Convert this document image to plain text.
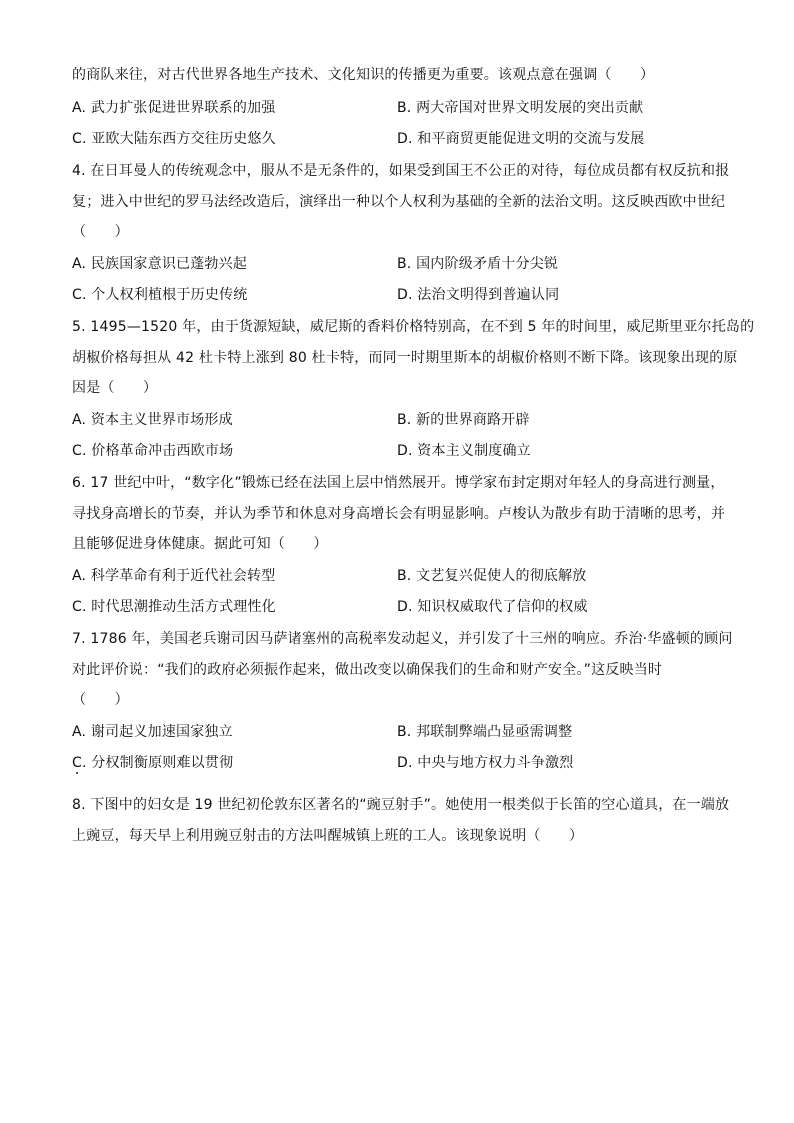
的商队来往，对古代世界各地生产技术、文化知识的传播更为重要。该观点意在强调（　　）
A. 武力扩张促进世界联系的加强	B. 两大帝国对世界文明发展的突出贡献
C. 亚欧大陆东西方交往历史悠久	D. 和平商贸更能促进文明的交流与发展
4. 在日耳曼人的传统观念中，服从不是无条件的，如果受到国王不公正的对待，每位成员都有权反抗和报
复；进入中世纪的罗马法经改造后，演绎出一种以个人权利为基础的全新的法治文明。这反映西欧中世纪
（　　）
A. 民族国家意识已蓬勃兴起	B. 国内阶级矛盾十分尖锐
C. 个人权利植根于历史传统	D. 法治文明得到普遍认同
5. 1495—1520 年，由于货源短缺，威尼斯的香料价格特别高，在不到 5 年的时间里，威尼斯里亚尔托岛的
胡椒价格每担从 42 杜卡特上涨到 80 杜卡特，而同一时期里斯本的胡椒价格则不断下降。该现象出现的原
因是（　　）
A. 资本主义世界市场形成	B. 新的世界商路开辟
C. 价格革命冲击西欧市场	D. 资本主义制度确立
6. 17 世纪中叶，“数字化”锻炼已经在法国上层中悄然展开。博学家布封定期对年轻人的身高进行测量，
寻找身高增长的节奏，并认为季节和休息对身高增长会有明显影响。卢梭认为散步有助于清晰的思考，并
且能够促进身体健康。据此可知（　　）
A. 科学革命有利于近代社会转型	B. 文艺复兴促使人的彻底解放
C. 时代思潮推动生活方式理性化	D. 知识权威取代了信仰的权威
7. 1786 年，美国老兵谢司因马萨诸塞州的高税率发动起义，并引发了十三州的响应。乔治·华盛顿的顾问
对此评价说：“我们的政府必须振作起来，做出改变以确保我们的生命和财产安全。”这反映当时
（　　）
A. 谢司起义加速国家独立	B. 邦联制弊端凸显亟需调整
C. 分权制衡原则难以贯彻	D. 中央与地方权力斗争激烈
8. 下图中的妇女是 19 世纪初伦敦东区著名的“豌豆射手”。她使用一根类似于长笛的空心道具，在一端放
上豌豆，每天早上利用豌豆射击的方法叫醒城镇上班的工人。该现象说明（　　）
